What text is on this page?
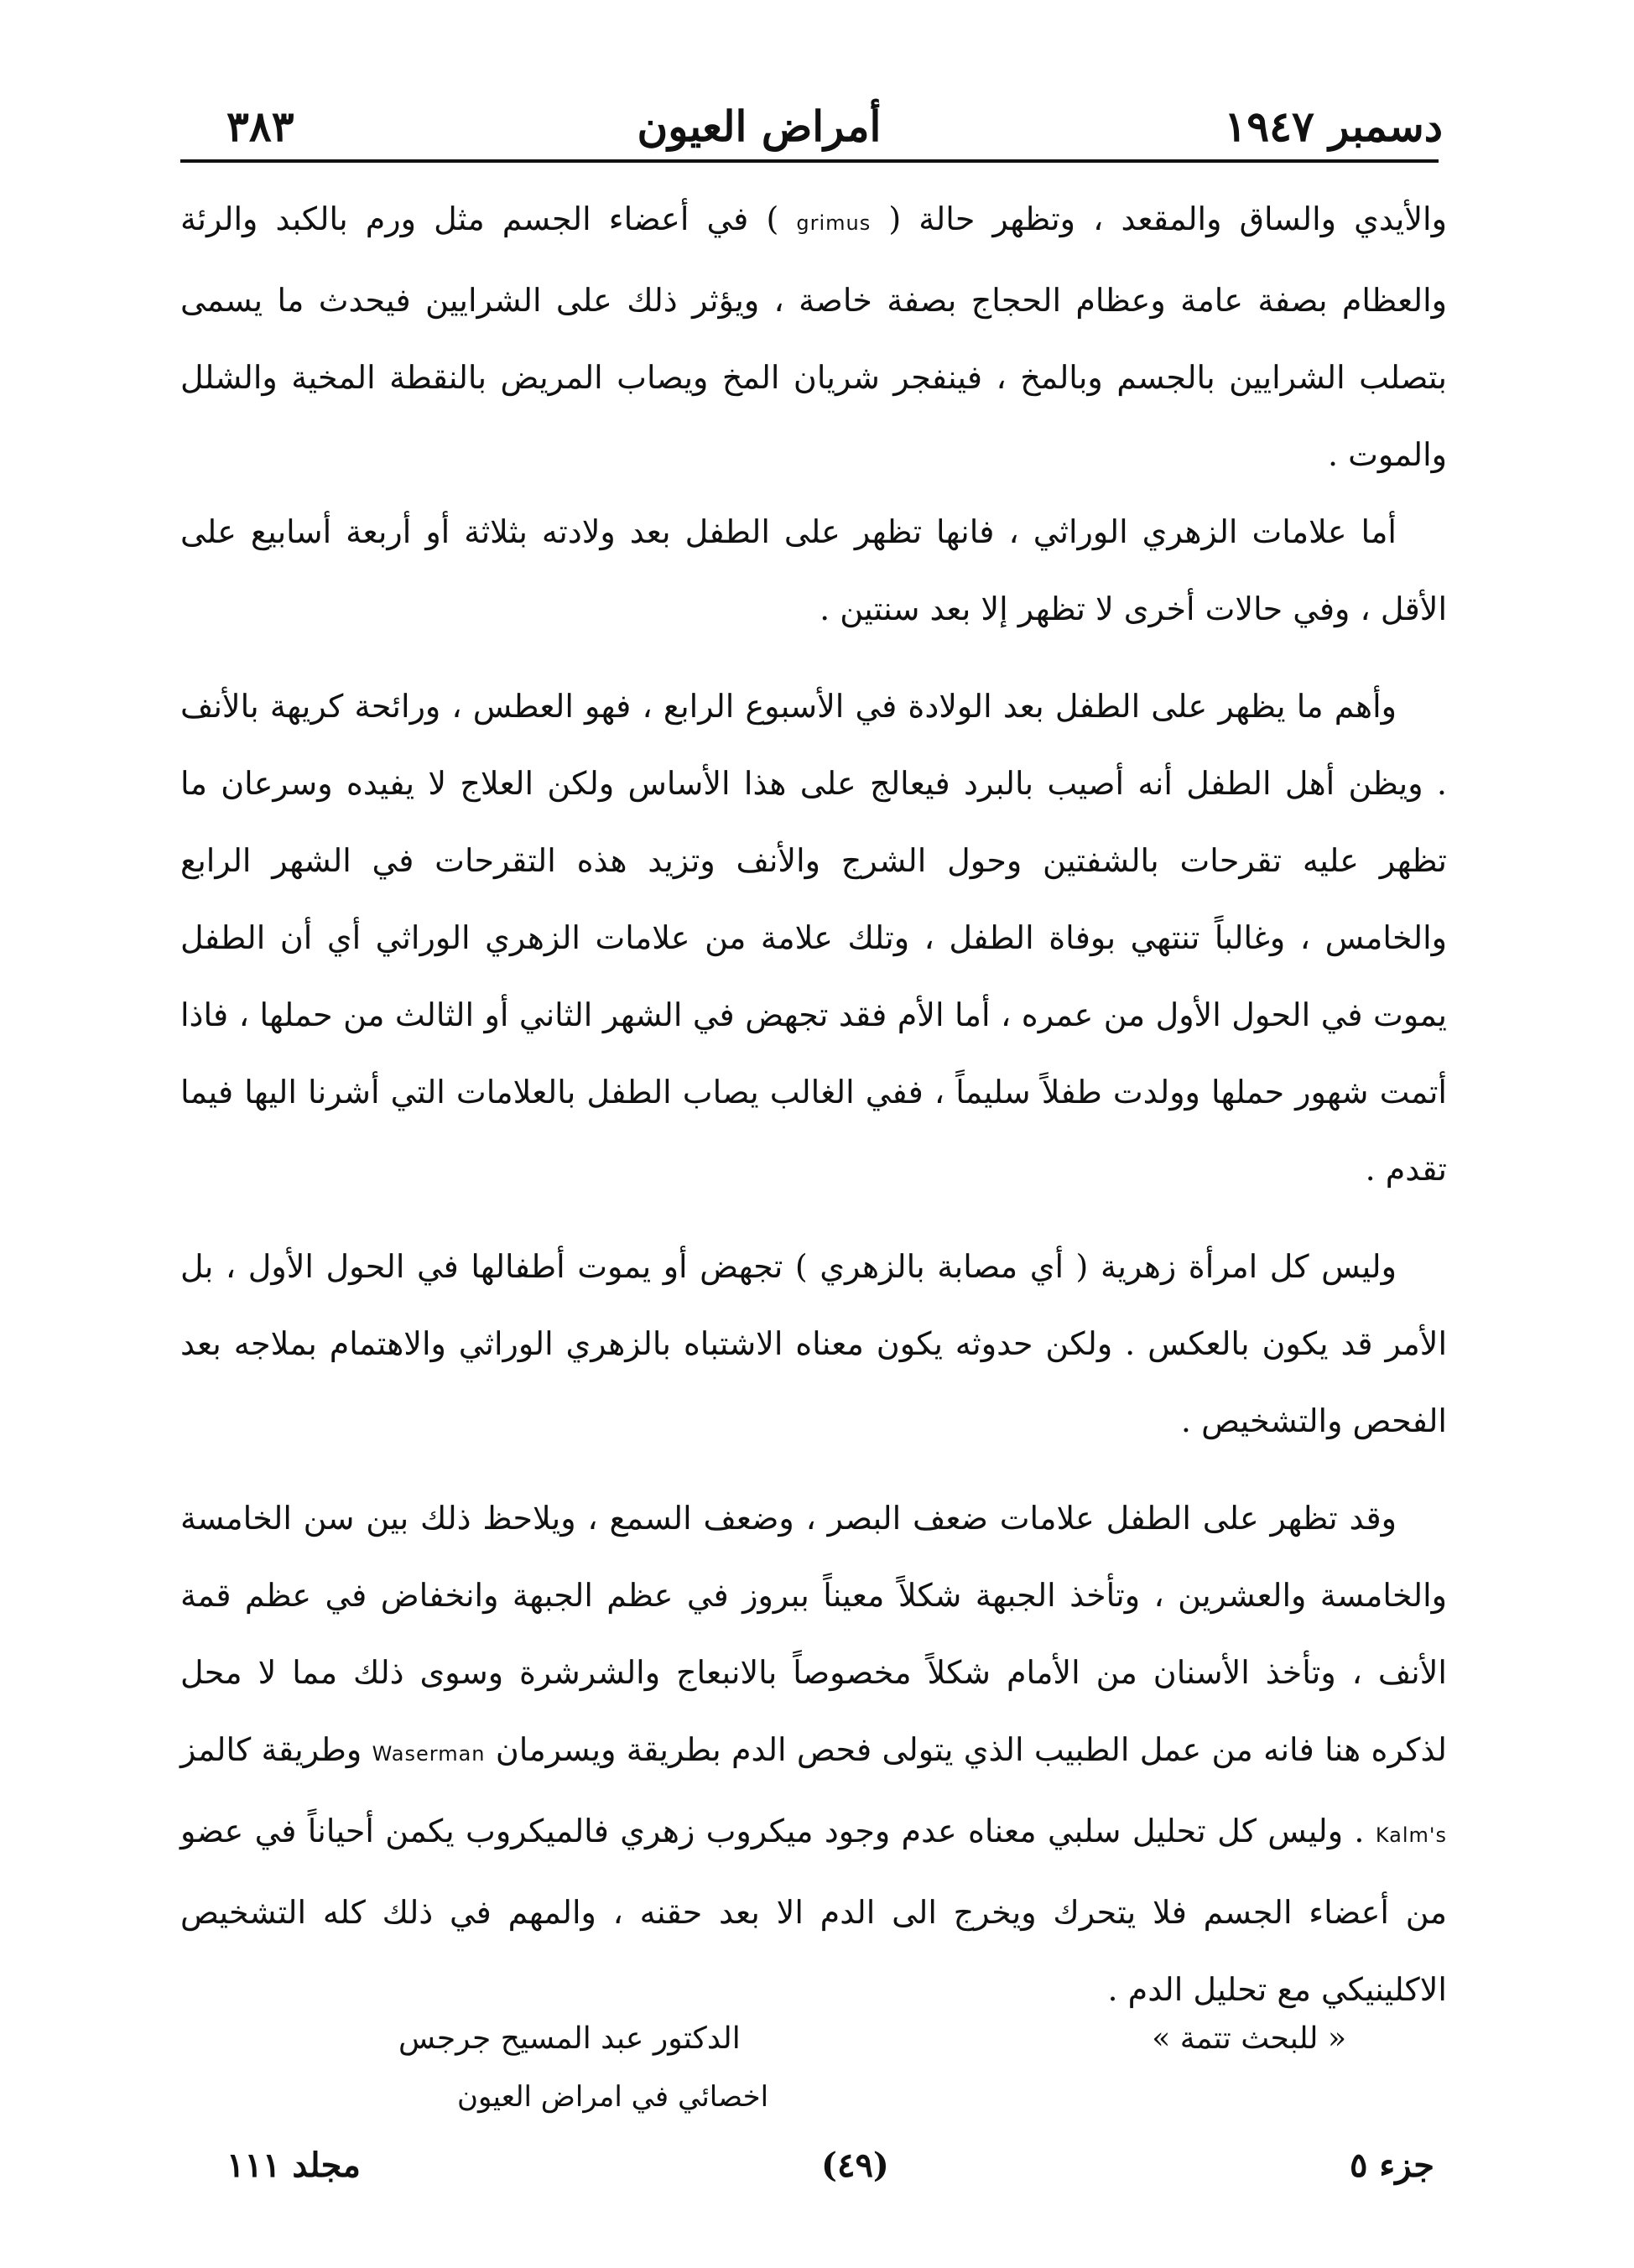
دسمبر ١٩٤٧
أمراض العيون
٣٨٣

والأيدي والساق والمقعد ، وتظهر حالة ( grimus ) في أعضاء الجسم مثل ورم بالكبد والرئة والعظام بصفة عامة وعظام الحجاج بصفة خاصة ، ويؤثر ذلك على الشرايين فيحدث ما يسمى بتصلب الشرايين بالجسم وبالمخ ، فينفجر شريان المخ ويصاب المريض بالنقطة المخية والشلل والموت .

أما علامات الزهري الوراثي ، فانها تظهر على الطفل بعد ولادته بثلاثة أو أربعة أسابيع على الأقل ، وفي حالات أخرى لا تظهر إلا بعد سنتين .

وأهم ما يظهر على الطفل بعد الولادة في الأسبوع الرابع ، فهو العطس ، ورائحة كريهة بالأنف . ويظن أهل الطفل أنه أصيب بالبرد فيعالج على هذا الأساس ولكن العلاج لا يفيده وسرعان ما تظهر عليه تقرحات بالشفتين وحول الشرج والأنف وتزيد هذه التقرحات في الشهر الرابع والخامس ، وغالباً تنتهي بوفاة الطفل ، وتلك علامة من علامات الزهري الوراثي أي أن الطفل يموت في الحول الأول من عمره ، أما الأم فقد تجهض في الشهر الثاني أو الثالث من حملها ، فاذا أتمت شهور حملها وولدت طفلاً سليماً ، ففي الغالب يصاب الطفل بالعلامات التي أشرنا اليها فيما تقدم .

وليس كل امرأة زهرية ( أي مصابة بالزهري ) تجهض أو يموت أطفالها في الحول الأول ، بل الأمر قد يكون بالعكس . ولكن حدوثه يكون معناه الاشتباه بالزهري الوراثي والاهتمام بملاجه بعد الفحص والتشخيص .

وقد تظهر على الطفل علامات ضعف البصر ، وضعف السمع ، ويلاحظ ذلك بين سن الخامسة والخامسة والعشرين ، وتأخذ الجبهة شكلاً معيناً ببروز في عظم الجبهة وانخفاض في عظم قمة الأنف ، وتأخذ الأسنان من الأمام شكلاً مخصوصاً بالانبعاج والشرشرة وسوى ذلك مما لا محل لذكره هنا فانه من عمل الطبيب الذي يتولى فحص الدم بطريقة ويسرمان Waserman وطريقة كالمز Kalm's . وليس كل تحليل سلبي معناه عدم وجود ميكروب زهري فالميكروب يكمن أحياناً في عضو من أعضاء الجسم فلا يتحرك ويخرج الى الدم الا بعد حقنه ، والمهم في ذلك كله التشخيص الاكلينيكي مع تحليل الدم .

« للبحث تتمة »
الدكتور عبد المسيح جرجس
اخصائي في امراض العيون
جزء ٥
(٤٩)
مجلد ١١١
